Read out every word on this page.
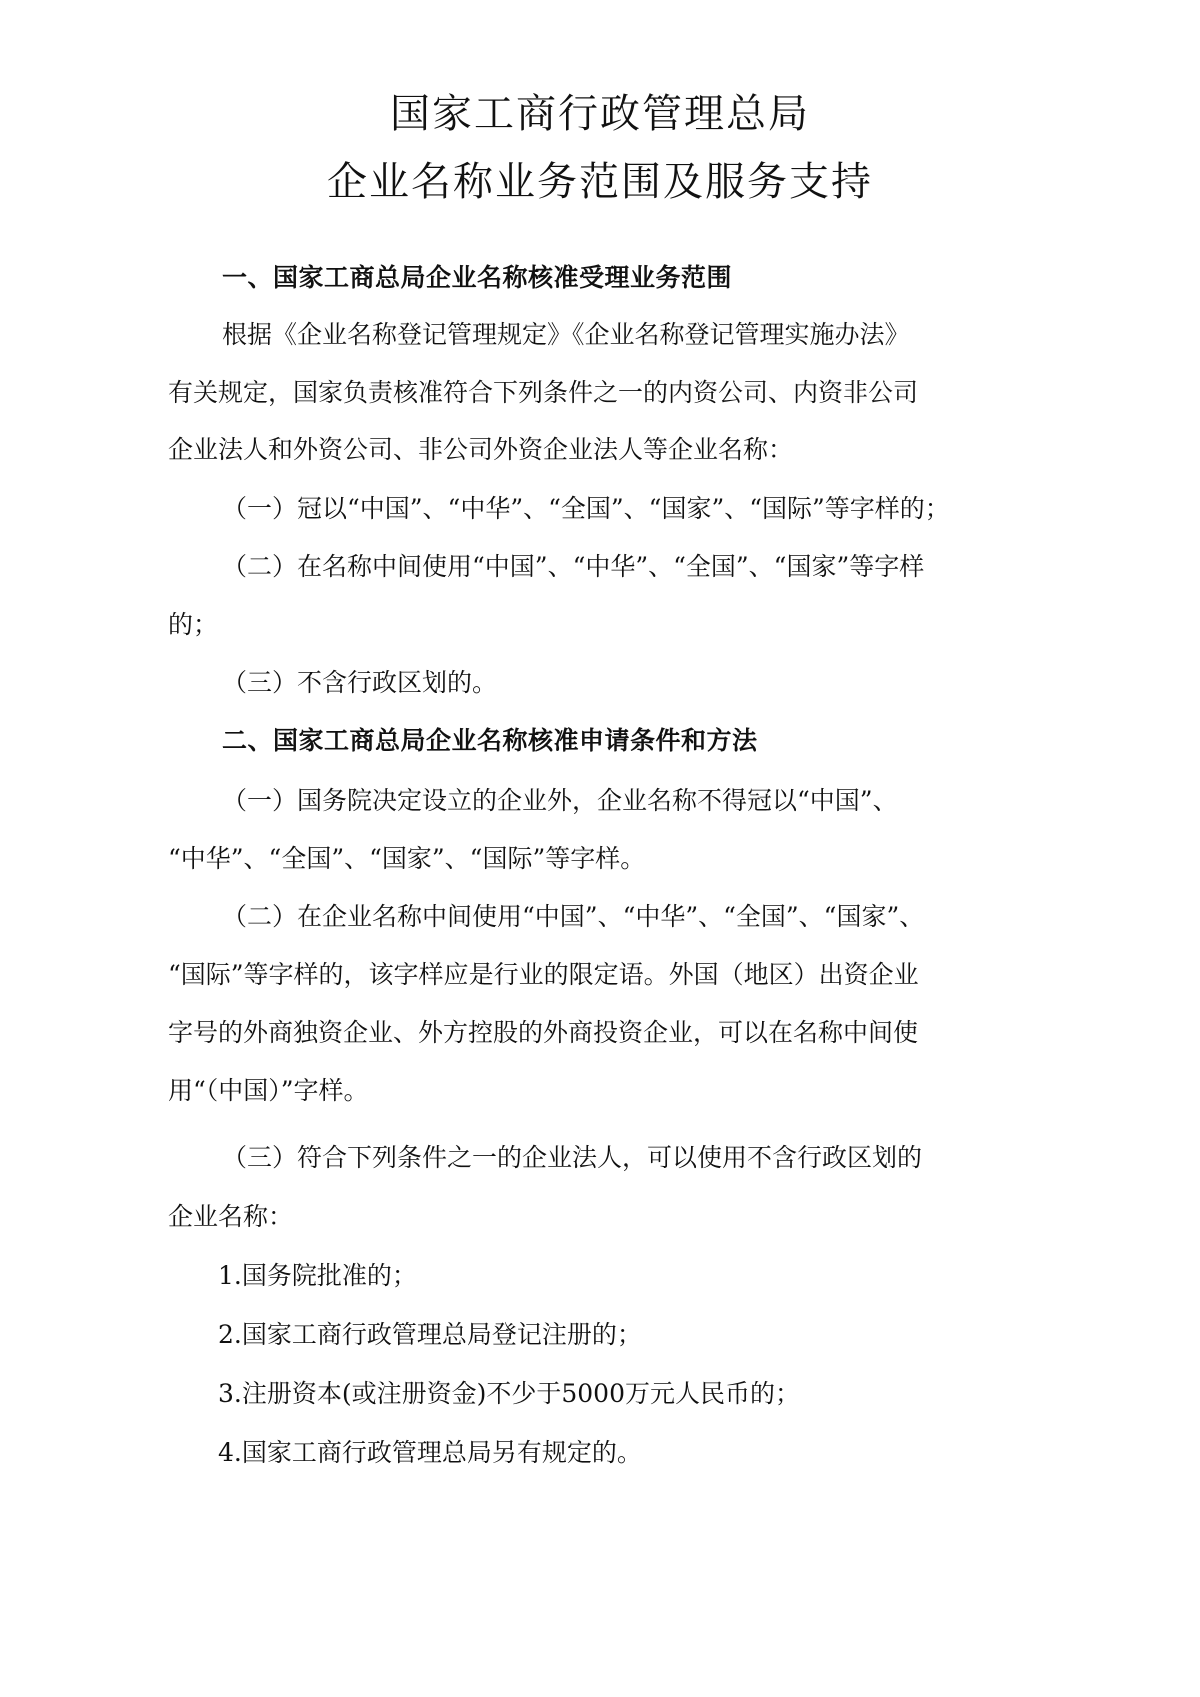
国家工商行政管理总局
企业名称业务范围及服务支持
一、国家工商总局企业名称核准受理业务范围
根据《企业名称登记管理规定》《企业名称登记管理实施办法》
有关规定，国家负责核准符合下列条件之一的内资公司、内资非公司
企业法人和外资公司、非公司外资企业法人等企业名称：
（一）冠以“中国”、“中华”、“全国”、“国家”、“国际”等字样的；
（二）在名称中间使用“中国”、“中华”、“全国”、“国家”等字样
的；
（三）不含行政区划的。
二、国家工商总局企业名称核准申请条件和方法
（一）国务院决定设立的企业外，企业名称不得冠以“中国”、
“中华”、“全国”、“国家”、“国际”等字样。
（二）在企业名称中间使用“中国”、“中华”、“全国”、“国家”、
“国际”等字样的，该字样应是行业的限定语。外国（地区）出资企业
字号的外商独资企业、外方控股的外商投资企业，可以在名称中间使
用“（中国）”字样。
（三）符合下列条件之一的企业法人，可以使用不含行政区划的
企业名称：
1.国务院批准的；
2.国家工商行政管理总局登记注册的；
3.注册资本(或注册资金)不少于5000万元人民币的；
4.国家工商行政管理总局另有规定的。
